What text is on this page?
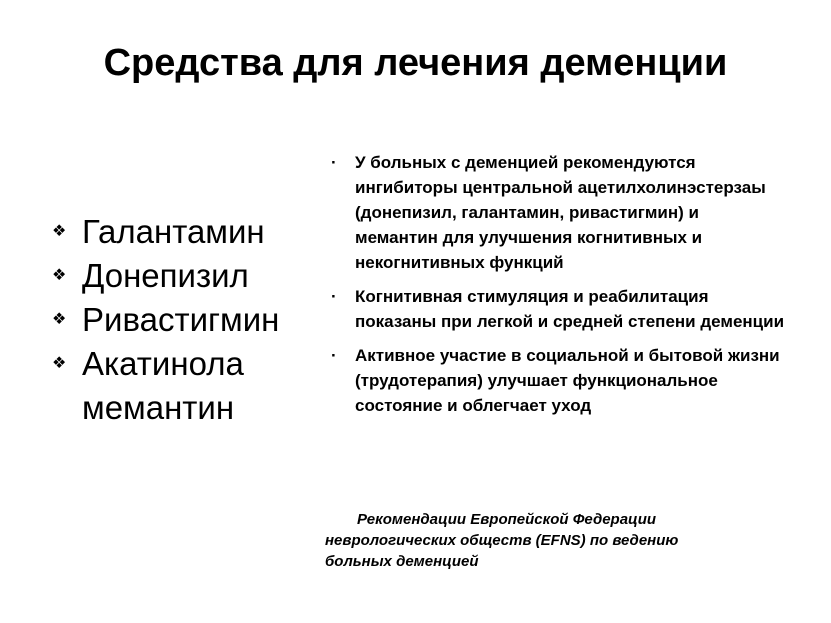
Средства для лечения деменции
❖ Галантамин
❖ Донепизил
❖ Ривастигмин
❖ Акатинола мемантин
· У больных с деменцией рекомендуются ингибиторы центральной ацетилхолинэстерзаы (донепизил, галантамин, ривастигмин) и мемантин для улучшения когнитивных и некогнитивных функций
· Когнитивная стимуляция и реабилитация показаны при легкой и средней степени деменции
· Активное участие в социальной и бытовой жизни (трудотерапия) улучшает функциональное состояние и облегчает уход

Рекомендации Европейской Федерации неврологических обществ (EFNS) по ведению больных деменцией
